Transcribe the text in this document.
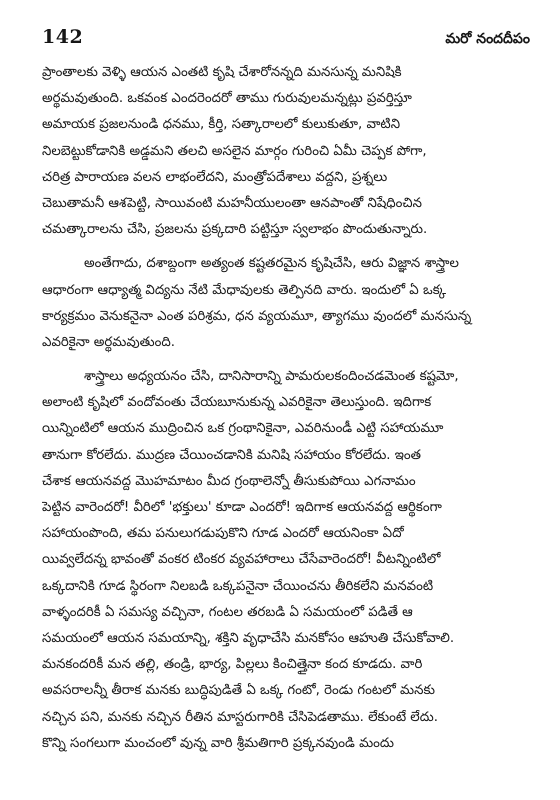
142	మరో నందదీపం
ప్రాంతాలకు వెళ్ళి ఆయన ఎంతటి కృషి చేశారోనన్నది మనసున్న మనిషికి
అర్థమవుతుంది. ఒకవంక ఎందరెందరో తాము గురువులమన్నట్లు ప్రవర్తిస్తూ
అమాయక ప్రజలనుండి ధనము, కీర్తి, సత్కారాలలో కులుకుతూ, వాటిని
నిలబెట్టుకోడానికి అడ్డమని తలచి అసలైన మార్గం గురించి ఏమీ చెప్పక పోగా,
చరిత్ర పారాయణ వలన లాభంలేదని, మంత్రోపదేశాలు వద్దని, ప్రశ్నలు
చెబుతామనీ ఆశపెట్టి, సాయివంటి మహనీయులంతా ఆనపాంతో నిషేధించిన
చమత్కారాలను చేసి, ప్రజలను ప్రక్కదారి పట్టిస్తూ స్వలాభం పొందుతున్నారు.
అంతేగాదు, దశాబ్దంగా అత్యంత కష్టతరమైన కృషిచేసి, ఆరు విజ్ఞాన శాస్త్రాల
ఆధారంగా ఆధ్యాత్మ విద్యను నేటి మేధావులకు తెల్పినది వారు. ఇందులో ఏ ఒక్క
కార్యక్రమం వెనుకనైనా ఎంత పరిశ్రమ, ధన వ్యయమూ, త్యాగము వుందలో మనసున్న
ఎవరికైనా అర్థమవుతుంది.
శాస్త్రాలు అధ్యయనం చేసి, దానిసారాన్ని పామరులకందించడమెంత కష్టమో,
అలాంటి కృషిలో వందోవంతు చేయబూనుకున్న ఎవరికైనా తెలుస్తుంది. ఇదిగాక
యిన్నింటిలో ఆయన ముద్రించిన ఒక గ్రంథానికైనా, ఎవరినుండీ ఎట్టి సహాయమూ
తానుగా కోరలేదు. ముద్రణ చేయించడానికి మనిషి సహాయం కోరలేదు. ఇంత
చేశాక ఆయనవద్ద మొహమాటం మీద గ్రంథాలెన్నో తీసుకుపోయి ఎగనామం
పెట్టిన వారెందరో! వీరిలో 'భక్తులు' కూడా ఎందరో! ఇదిగాక ఆయనవద్ద ఆర్థికంగా
సహాయంపొంది, తమ పనులుగడుపుకొని గూడ ఎందరో ఆయనింకా ఏదో
యివ్వలేదన్న భావంతో వంకర టింకర వ్యవహారాలు చేసేవారెందరో! వీటన్నింటిలో
ఒక్కదానికి గూడ స్థిరంగా నిలబడి ఒక్కపనైనా చేయించను తీరికలేని మనవంటి
వాళ్ళందరికీ ఏ సమస్య వచ్చినా, గంటల తరబడి ఏ సమయంలో పడితే ఆ
సమయంలో ఆయన సమయాన్ని, శక్తిని వృధాచేసి మనకోసం ఆహుతి చేసుకోవాలి.
మనకందరికీ మన తల్లి, తండ్రి, భార్య, పిల్లలు కించిత్తైనా కంద కూడదు. వారి
అవసరాలన్నీ తీరాక మనకు బుద్ధిపుడితే ఏ ఒక్క గంటో, రెండు గంటలో మనకు
నచ్చిన పని, మనకు నచ్చిన రీతిన మాస్టరుగారికి చేసిపెడతాము. లేకుంటే లేదు.
కొన్ని సంగలుగా మంచంలో వున్న వారి శ్రీమతిగారి ప్రక్కనవుండి మందు
